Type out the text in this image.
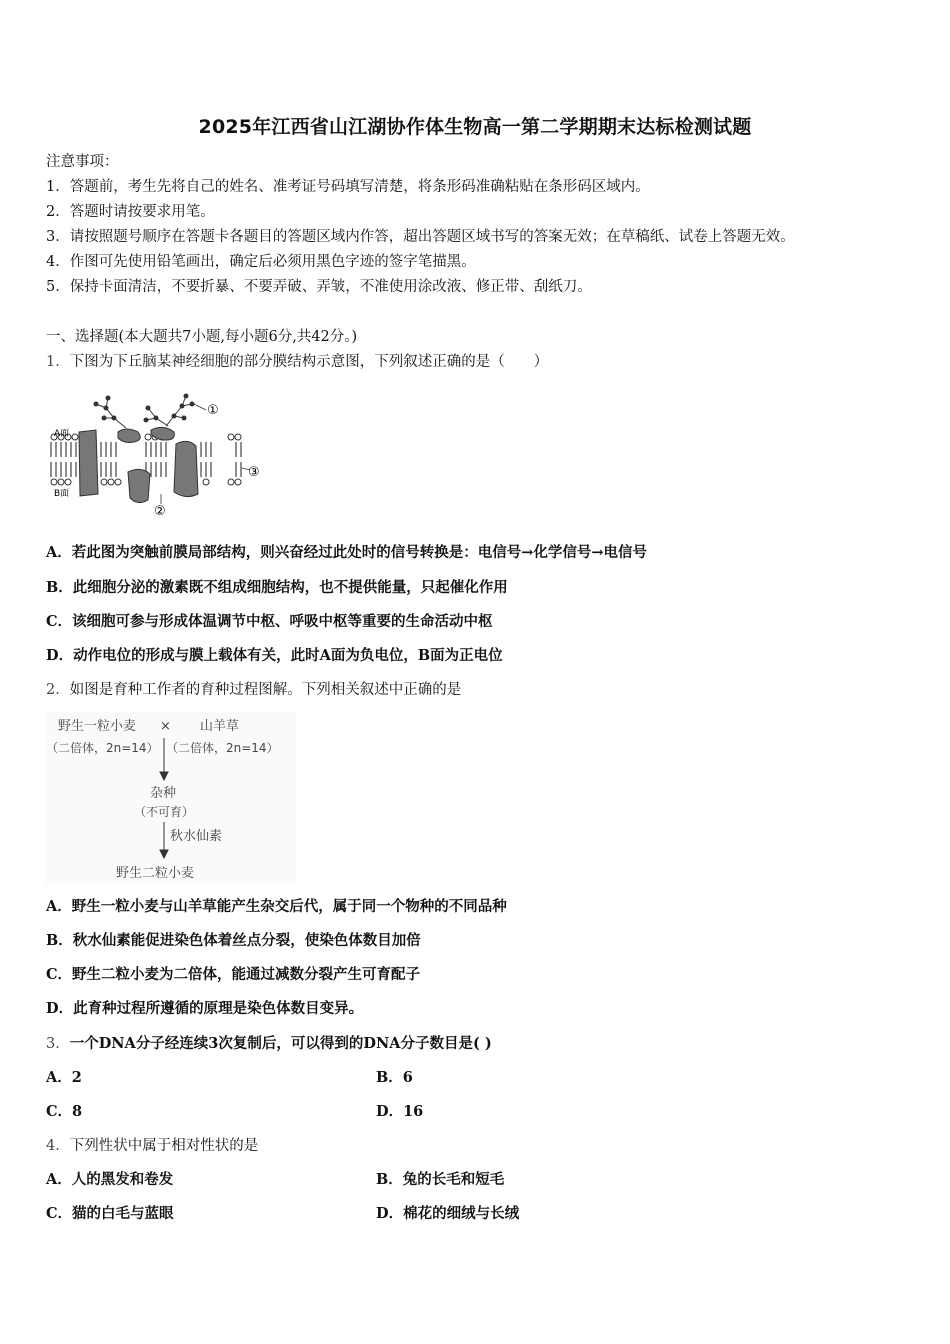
2025年江西省山江湖协作体生物高一第二学期期末达标检测试题
注意事项：
1．答题前，考生先将自己的姓名、准考证号码填写清楚，将条形码准确粘贴在条形码区域内。
2．答题时请按要求用笔。
3．请按照题号顺序在答题卡各题目的答题区域内作答，超出答题区域书写的答案无效；在草稿纸、试卷上答题无效。
4．作图可先使用铅笔画出，确定后必须用黑色字迹的签字笔描黑。
5．保持卡面清洁，不要折暴、不要弄破、弄皱，不准使用涂改液、修正带、刮纸刀。
一、选择题(本大题共7小题,每小题6分,共42分。)
1．下图为下丘脑某神经细胞的部分膜结构示意图，下列叙述正确的是（　　）
A面
B面
①
③
②
A．若此图为突触前膜局部结构，则兴奋经过此处时的信号转换是：电信号→化学信号→电信号
B．此细胞分泌的激素既不组成细胞结构，也不提供能量，只起催化作用
C．该细胞可参与形成体温调节中枢、呼吸中枢等重要的生命活动中枢
D．动作电位的形成与膜上载体有关，此时A面为负电位，B面为正电位
2．如图是育种工作者的育种过程图解。下列相关叙述中正确的是
野生一粒小麦 × 山羊草
（二倍体，2n=14） （二倍体，2n=14）
杂种
（不可育）
秋水仙素
野生二粒小麦
A．野生一粒小麦与山羊草能产生杂交后代，属于同一个物种的不同品种
B．秋水仙素能促进染色体着丝点分裂，使染色体数目加倍
C．野生二粒小麦为二倍体，能通过减数分裂产生可育配子
D．此育种过程所遵循的原理是染色体数目变异。
3．一个DNA分子经连续3次复制后，可以得到的DNA分子数目是( )
A．2	B．6
C．8	D．16
4．下列性状中属于相对性状的是
A．人的黑发和卷发	B．兔的长毛和短毛
C．猫的白毛与蓝眼	D．棉花的细绒与长绒
